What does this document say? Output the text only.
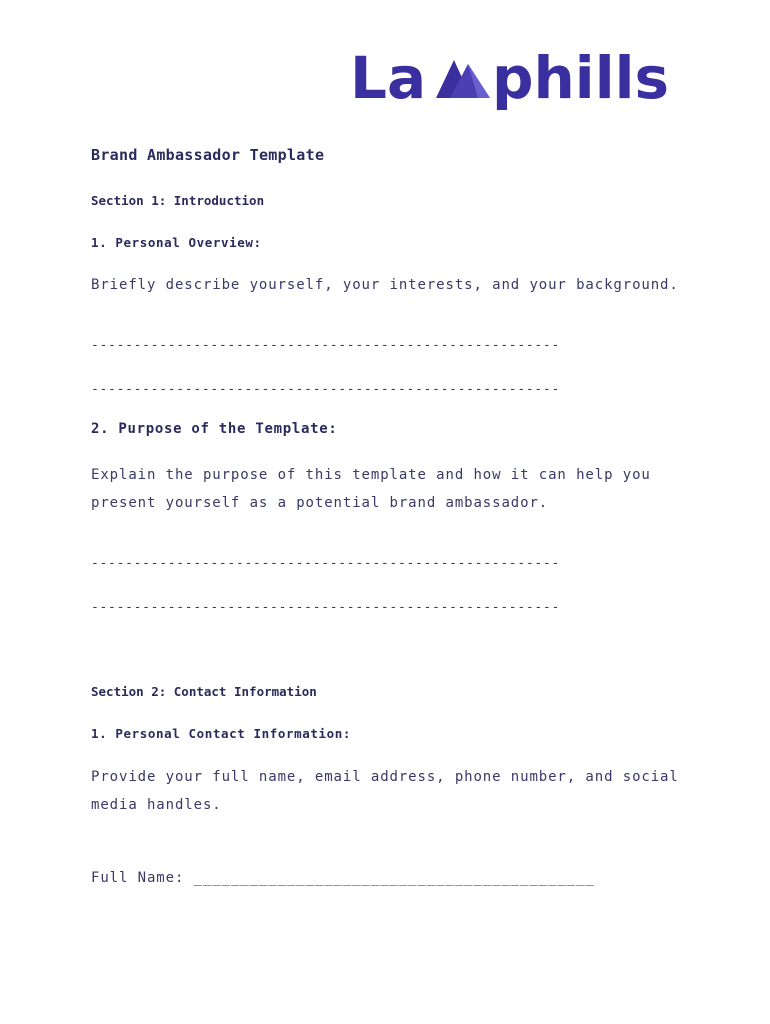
La phills
Brand Ambassador Template
Section 1: Introduction
1. Personal Overview:
Briefly describe yourself, your interests, and your background.
-------------------------------------------------------
-------------------------------------------------------
2. Purpose of the Template:
Explain the purpose of this template and how it can help you
present yourself as a potential brand ambassador.
-------------------------------------------------------
-------------------------------------------------------
Section 2: Contact Information
1. Personal Contact Information:
Provide your full name, email address, phone number, and social
media handles.
Full Name: ___________________________________________
